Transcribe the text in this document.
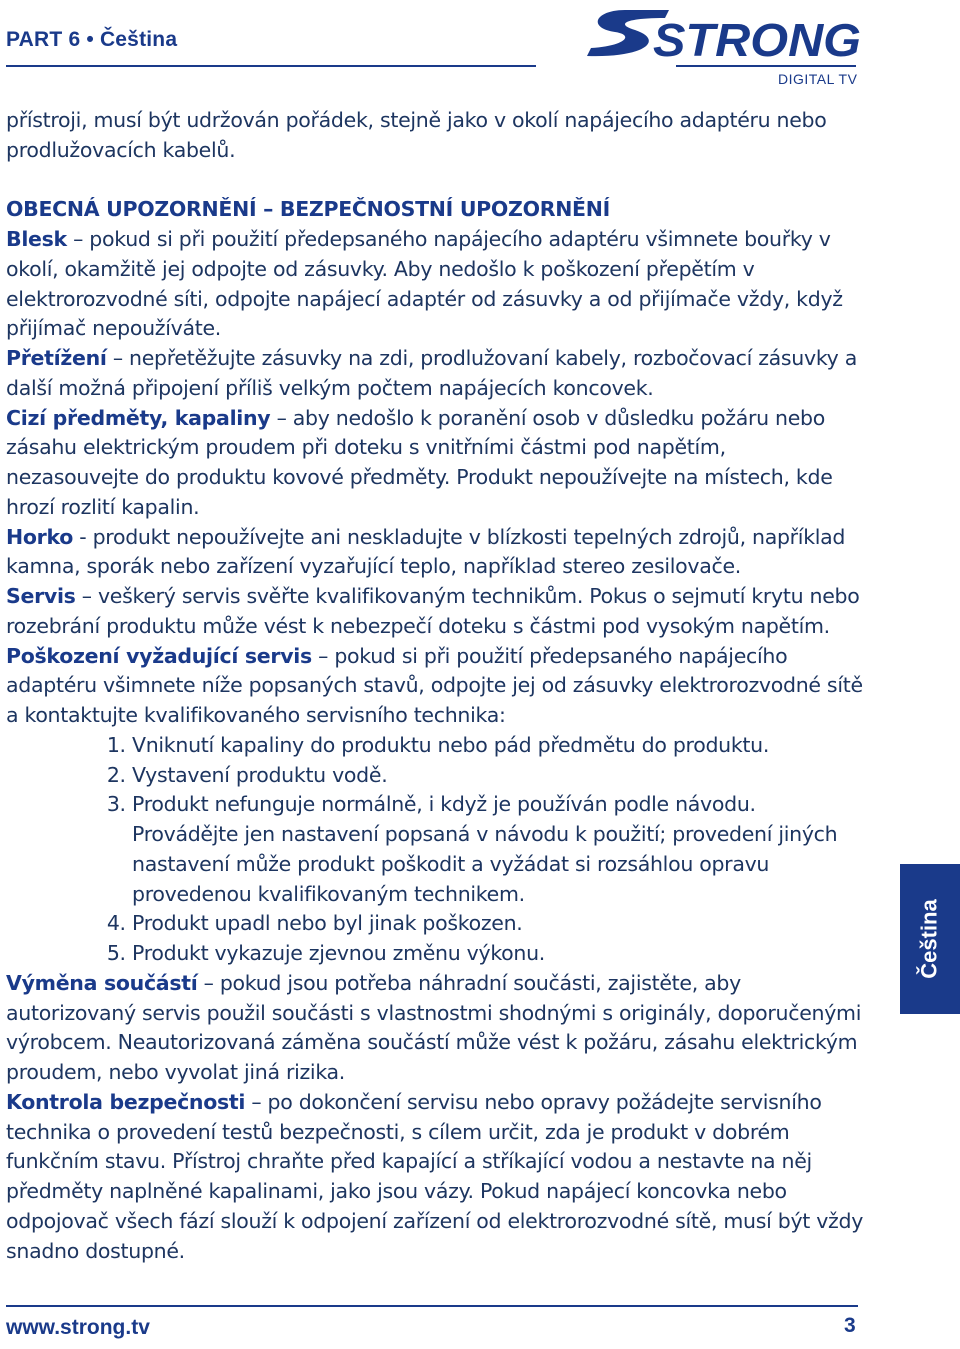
PART 6 • Čeština	STRONG
DIGITAL TV

přístroji, musí být udržován pořádek, stejně jako v okolí napájecího adaptéru nebo prodlužovacích kabelů.

OBECNÁ UPOZORNĚNÍ – BEZPEČNOSTNÍ UPOZORNĚNÍ

Blesk – pokud si při použití předepsaného napájecího adaptéru všimnete bouřky v okolí, okamžitě jej odpojte od zásuvky. Aby nedošlo k poškození přepětím v elektrorozvodné síti, odpojte napájecí adaptér od zásuvky a od přijímače vždy, když přijímač nepoužíváte.

Přetížení – nepřetěžujte zásuvky na zdi, prodlužovaní kabely, rozbočovací zásuvky a další možná připojení příliš velkým počtem napájecích koncovek.

Cizí předměty, kapaliny – aby nedošlo k poranění osob v důsledku požáru nebo zásahu elektrickým proudem při doteku s vnitřními částmi pod napětím, nezasouvejte do produktu kovové předměty. Produkt nepoužívejte na místech, kde hrozí rozlití kapalin.

Horko - produkt nepoužívejte ani neskladujte v blízkosti tepelných zdrojů, například kamna, sporák nebo zařízení vyzařující teplo, například stereo zesilovače.

Servis – veškerý servis svěřte kvalifikovaným technikům. Pokus o sejmutí krytu nebo rozebrání produktu může vést k nebezpečí doteku s částmi pod vysokým napětím.

Poškození vyžadující servis – pokud si při použití předepsaného napájecího adaptéru všimnete níže popsaných stavů, odpojte jej od zásuvky elektrorozvodné sítě a kontaktujte kvalifikovaného servisního technika:

1. Vniknutí kapaliny do produktu nebo pád předmětu do produktu.
2. Vystavení produktu vodě.
3. Produkt nefunguje normálně, i když je používán podle návodu. Provádějte jen nastavení popsaná v návodu k použití; provedení jiných nastavení může produkt poškodit a vyžádat si rozsáhlou opravu provedenou kvalifikovaným technikem.
4. Produkt upadl nebo byl jinak poškozen.
5. Produkt vykazuje zjevnou změnu výkonu.

Výměna součástí – pokud jsou potřeba náhradní součásti, zajistěte, aby autorizovaný servis použil součásti s vlastnostmi shodnými s originály, doporučenými výrobcem. Neautorizovaná záměna součástí může vést k požáru, zásahu elektrickým proudem, nebo vyvolat jiná rizika.

Kontrola bezpečnosti – po dokončení servisu nebo opravy požádejte servisního technika o provedení testů bezpečnosti, s cílem určit, zda je produkt v dobrém funkčním stavu. Přístroj chraňte před kapající a stříkající vodou a nestavte na něj předměty naplněné kapalinami, jako jsou vázy. Pokud napájecí koncovka nebo odpojovač všech fází slouží k odpojení zařízení od elektrorozvodné sítě, musí být vždy snadno dostupné.

Čeština
www.strong.tv	3
